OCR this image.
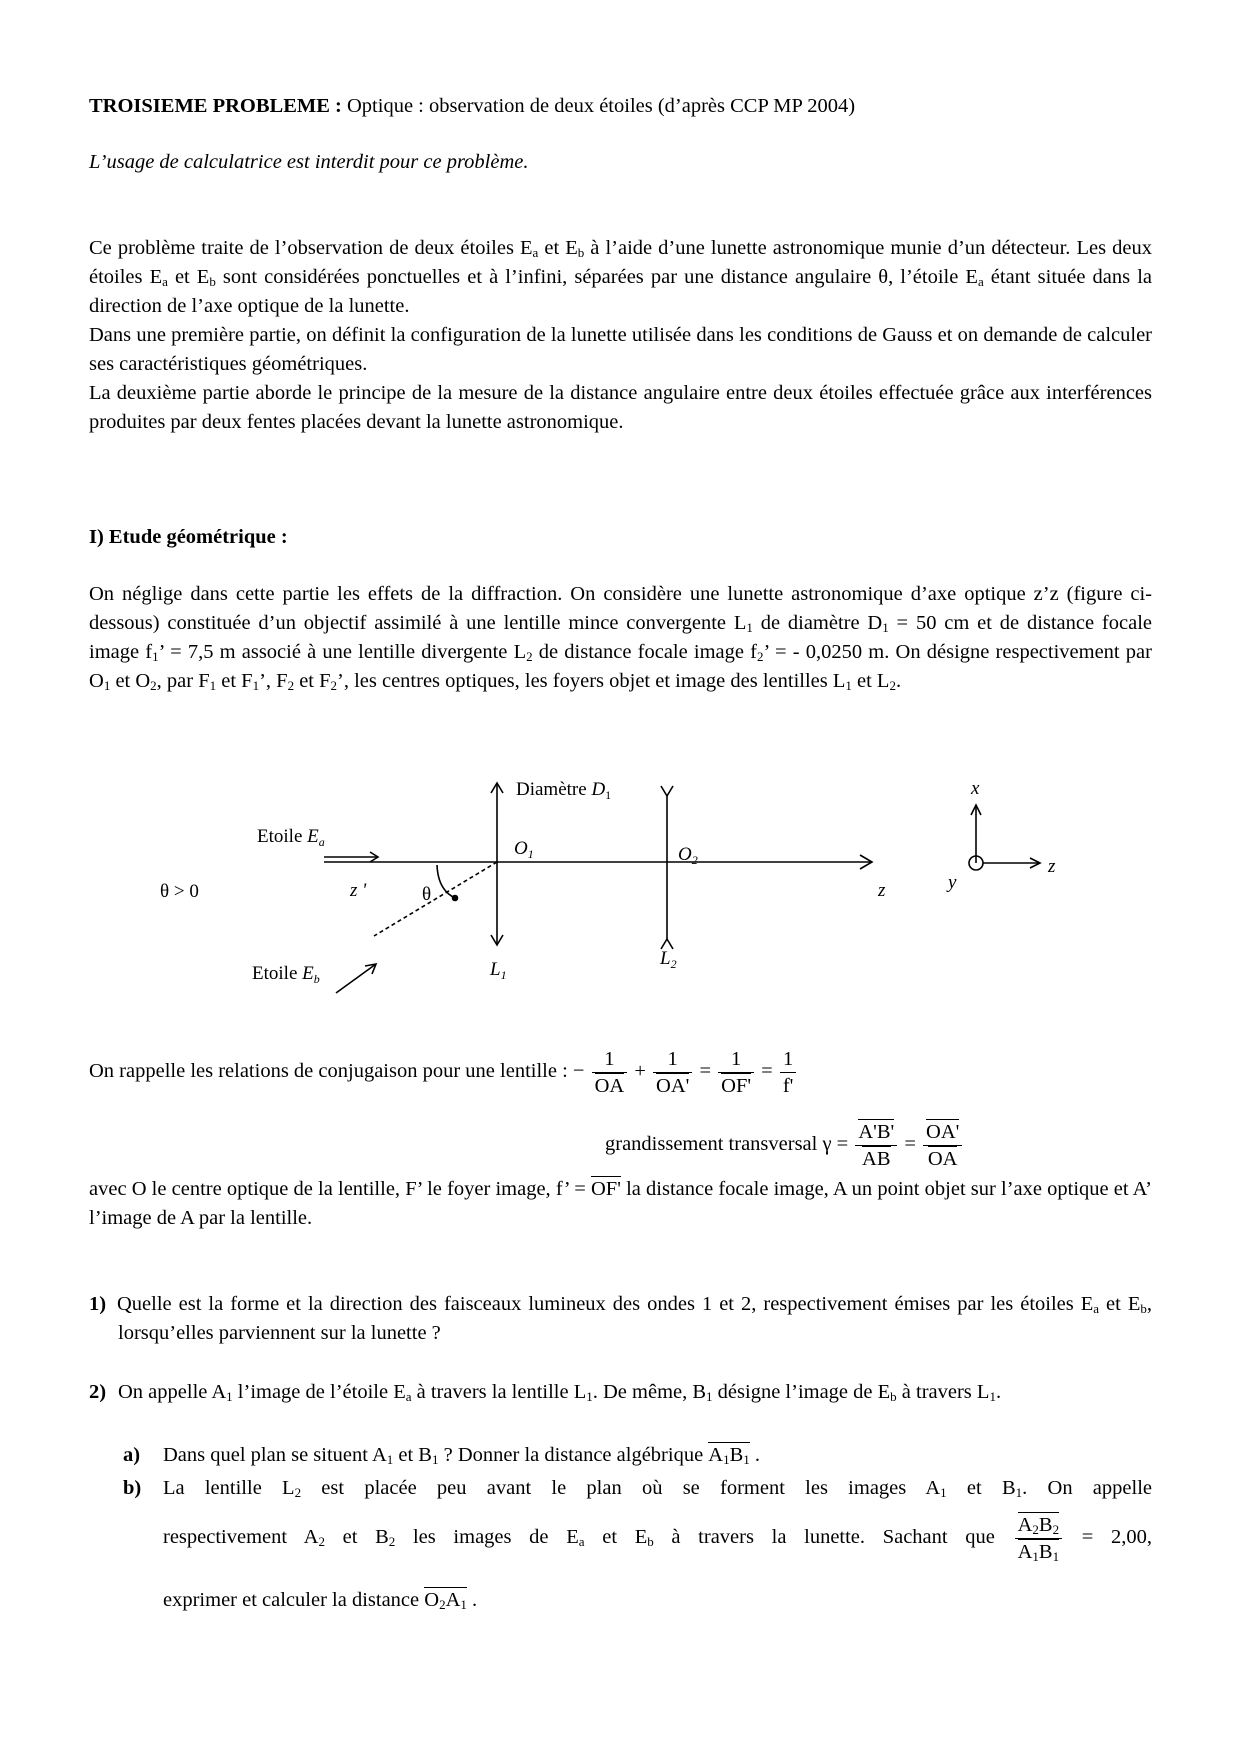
TROISIEME PROBLEME : Optique : observation de deux étoiles (d’après CCP MP 2004)
L’usage de calculatrice est interdit pour ce problème.

Ce problème traite de l’observation de deux étoiles $E_a$ et $E_b$ à l’aide d’une lunette astronomique munie d’un détecteur. Les deux étoiles $E_a$ et $E_b$ sont considérées ponctuelles et à l’infini, séparées par une distance angulaire θ, l’étoile $E_a$ étant située dans la direction de l’axe optique de la lunette.

Dans une première partie, on définit la configuration de la lunette utilisée dans les conditions de Gauss et on demande de calculer ses caractéristiques géométriques.

La deuxième partie aborde le principe de la mesure de la distance angulaire entre deux étoiles effectuée grâce aux interférences produites par deux fentes placées devant la lunette astronomique.

I) Etude géométrique :
On néglige dans cette partie les effets de la diffraction. On considère une lunette astronomique d’axe optique z’z (figure ci-dessous) constituée d’un objectif assimilé à une lentille mince convergente $L_1$ de diamètre $D_1 = 50$ cm et de distance focale image $f_1$’ = 7,5 m associé à une lentille divergente $L_2$ de distance focale image $f_2$’ = - 0,0250 m. On désigne respectivement par $O_1$ et $O_2$, par $F_1$ et $F_1$’, $F_2$ et $F_2$’, les centres optiques, les foyers objet et image des lentilles $L_1$ et $L_2$.
θ > 0
Etoile $E_a$
Etoile $E_b$
Diamètre $D_1$
$O_1$	$O_2$
$L_1$
$L_2$
z '	θ	z
x
y
z
On rappelle les relations de conjugaison pour une lentille : − $\frac{1}{OA} + \frac{1}{OA'} = \frac{1}{OF'} = \frac{1}{f'}$
grandissement transversal $\gamma = \frac{A'B'}{AB} = \frac{OA'}{OA}$
avec O le centre optique de la lentille, F’ le foyer image, f’ = OF' la distance focale image, A un point objet sur l’axe optique et A’ l’image de A par la lentille.
1) Quelle est la forme et la direction des faisceaux lumineux des ondes 1 et 2, respectivement émises par les étoiles $E_a$ et $E_b$, lorsqu’elles parviennent sur la lunette ?
2) On appelle $A_1$ l’image de l’étoile $E_a$ à travers la lentille $L_1$. De même, $B_1$ désigne l’image de $E_b$ à travers $L_1$.
a) Dans quel plan se situent $A_1$ et $B_1$ ? Donner la distance algébrique $A_1B_1$ .
b) La lentille $L_2$ est placée peu avant le plan où se forment les images $A_1$ et $B_1$. On appelle
respectivement $A_2$ et $B_2$ les images de $E_a$ et $E_b$ à travers la lunette. Sachant que $\frac{A_2B_2}{A_1B_1} = 2,00$,
exprimer et calculer la distance $O_2A_1$ .
